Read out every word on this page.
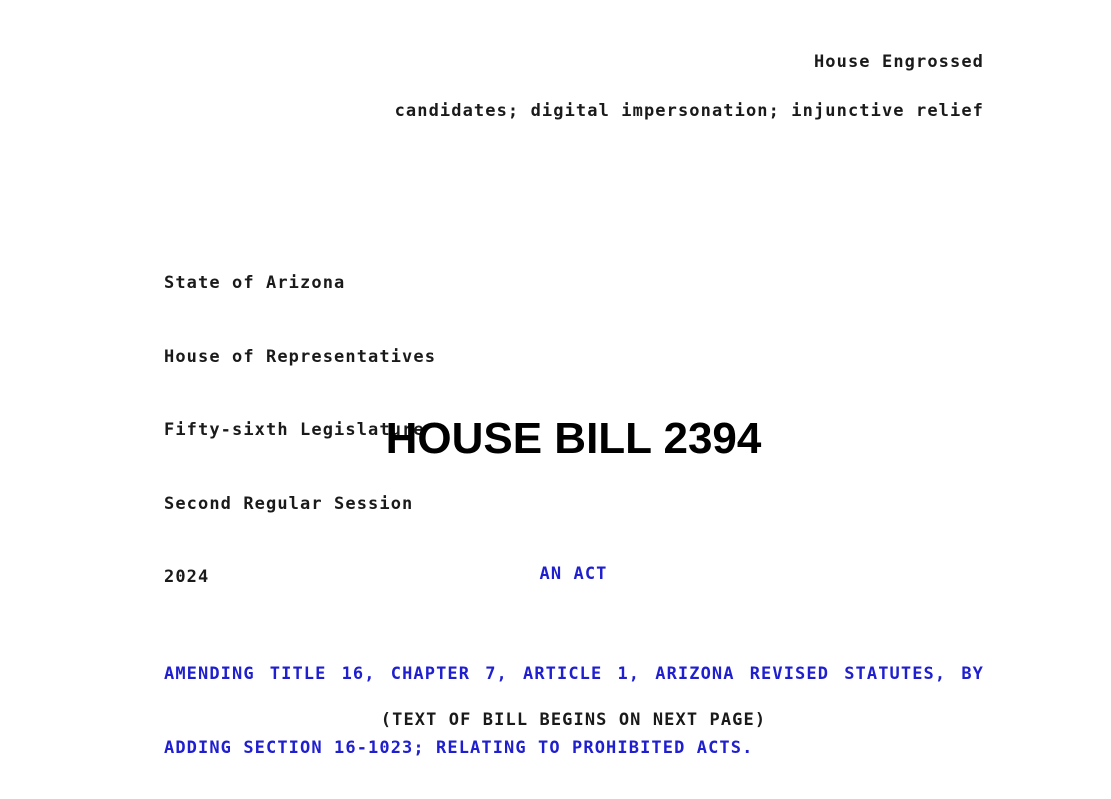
House Engrossed
candidates; digital impersonation; injunctive relief

State of Arizona

House of Representatives

Fifty-sixth Legislature

Second Regular Session

2024

HOUSE BILL 2394
AN ACT

AMENDING TITLE 16, CHAPTER 7, ARTICLE 1, ARIZONA REVISED STATUTES, BY

ADDING SECTION 16-1023; RELATING TO PROHIBITED ACTS.

(TEXT OF BILL BEGINS ON NEXT PAGE)
